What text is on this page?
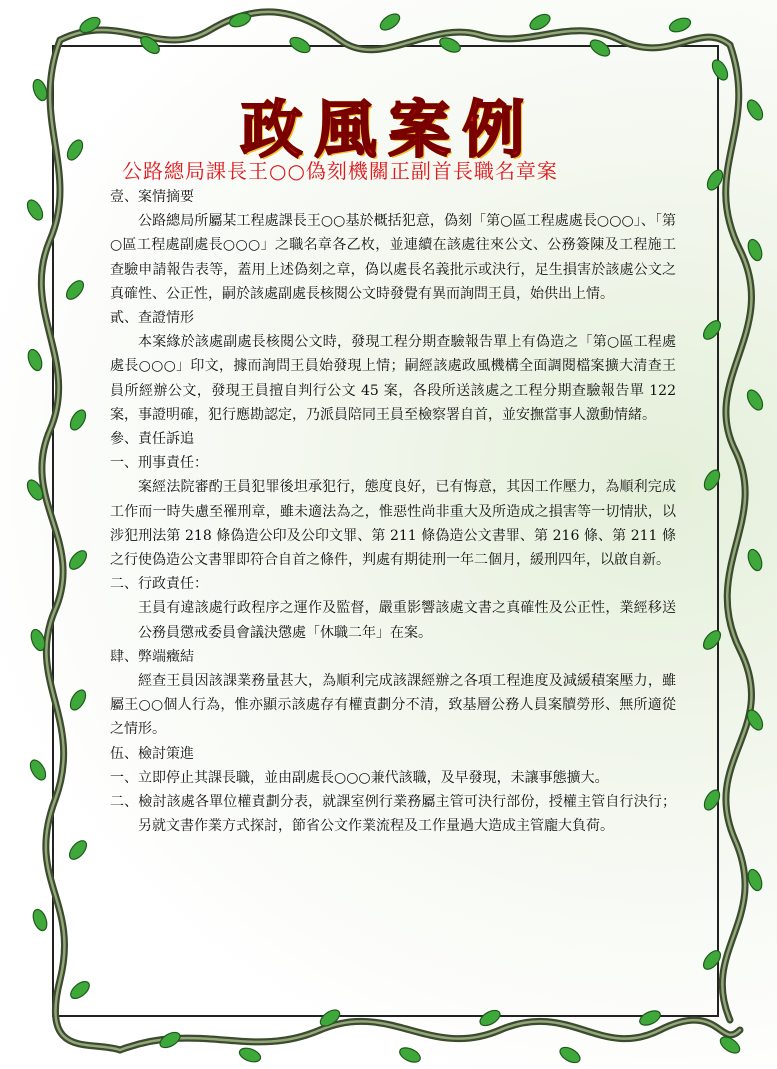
政風案例
公路總局課長王○○偽刻機關正副首長職名章案

壹、案情摘要

公路總局所屬某工程處課長王○○基於概括犯意，偽刻「第○區工程處處長○○○」、「第○區工程處副處長○○○」之職名章各乙枚，並連續在該處往來公文、公務簽陳及工程施工查驗申請報告表等，蓋用上述偽刻之章，偽以處長名義批示或決行，足生損害於該處公文之真確性、公正性，嗣於該處副處長核閱公文時發覺有異而詢問王員，始供出上情。

貳、查證情形

本案緣於該處副處長核閱公文時，發現工程分期查驗報告單上有偽造之「第○區工程處處長○○○」印文，據而詢問王員始發現上情；嗣經該處政風機構全面調閱檔案擴大清查王員所經辦公文，發現王員擅自判行公文 45 案，各段所送該處之工程分期查驗報告單 122 案，事證明確，犯行應勘認定，乃派員陪同王員至檢察署自首，並安撫當事人激動情緒。

參、責任訴追

一、刑事責任：

案經法院審酌王員犯罪後坦承犯行，態度良好，已有悔意，其因工作壓力，為順利完成工作而一時失慮至罹刑章，雖未適法為之，惟惡性尚非重大及所造成之損害等一切情狀，以涉犯刑法第 218 條偽造公印及公印文罪、第 211 條偽造公文書罪、第 216 條、第 211 條之行使偽造公文書罪即符合自首之條件，判處有期徒刑一年二個月，緩刑四年，以啟自新。

二、行政責任：

王員有違該處行政程序之運作及監督，嚴重影響該處文書之真確性及公正性，業經移送公務員懲戒委員會議決懲處「休職二年」在案。

肆、弊端癥結

經查王員因該課業務量甚大，為順利完成該課經辦之各項工程進度及減緩積案壓力，雖屬王○○個人行為，惟亦顯示該處存有權責劃分不清，致基層公務人員案牘勞形、無所適從之情形。

伍、檢討策進

一、立即停止其課長職，並由副處長○○○兼代該職，及早發現，未讓事態擴大。

二、檢討該處各單位權責劃分表，就課室例行業務屬主管可決行部份，授權主管自行決行；另就文書作業方式探討，節省公文作業流程及工作量過大造成主管龐大負荷。
